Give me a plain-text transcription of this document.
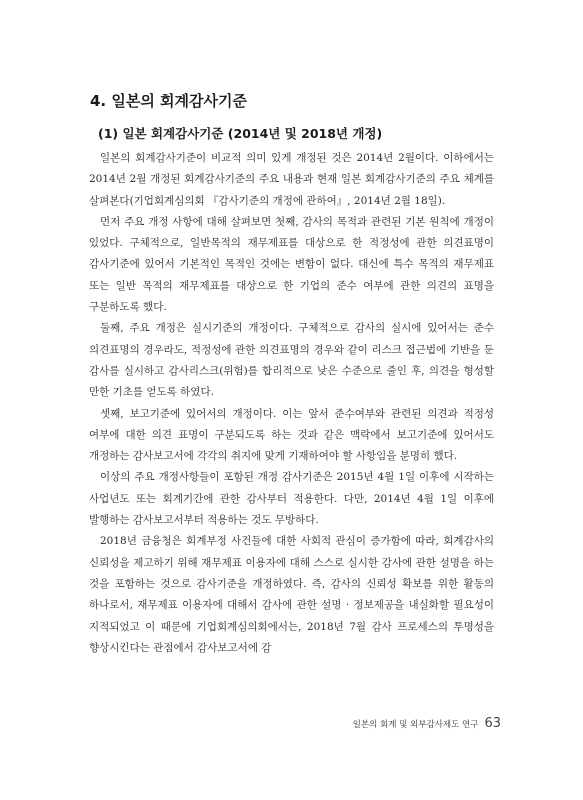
4. 일본의 회계감사기준
(1) 일본 회계감사기준 (2014년 및 2018년 개정)

일본의 회계감사기준이 비교적 의미 있게 개정된 것은 2014년 2월이다. 이하에서는 2014년 2월 개정된 회계감사기준의 주요 내용과 현재 일본 회계감사기준의 주요 체계를 살펴본다(기업회계심의회 『감사기준의 개정에 관하여』, 2014년 2월 18일).

먼저 주요 개정 사항에 대해 살펴보면 첫째, 감사의 목적과 관련된 기본 원칙에 개정이 있었다. 구체적으로, 일반목적의 재무제표를 대상으로 한 적정성에 관한 의견표명이 감사기준에 있어서 기본적인 목적인 것에는 변함이 없다. 대신에 특수 목적의 재무제표 또는 일반 목적의 재무제표를 대상으로 한 기업의 준수 여부에 관한 의견의 표명을 구분하도록 했다.

둘째, 주요 개정은 실시기준의 개정이다. 구체적으로 감사의 실시에 있어서는 준수 의견표명의 경우라도, 적정성에 관한 의견표명의 경우와 같이 리스크 접근법에 기반을 둔 감사를 실시하고 감사리스크(위험)를 합리적으로 낮은 수준으로 줄인 후, 의견을 형성할 만한 기초를 얻도록 하였다.

셋째, 보고기준에 있어서의 개정이다. 이는 앞서 준수여부와 관련된 의견과 적정성 여부에 대한 의견 표명이 구분되도록 하는 것과 같은 맥락에서 보고기준에 있어서도 개정하는 감사보고서에 각각의 취지에 맞게 기재하여야 할 사항임을 분명히 했다.

이상의 주요 개정사항들이 포함된 개정 감사기준은 2015년 4월 1일 이후에 시작하는 사업년도 또는 회계기간에 관한 감사부터 적용한다. 다만, 2014년 4월 1일 이후에 발행하는 감사보고서부터 적용하는 것도 무방하다.

2018년 금융청은 회계부정 사건들에 대한 사회적 관심이 증가함에 따라, 회계감사의 신뢰성을 제고하기 위해 재무제표 이용자에 대해 스스로 실시한 감사에 관한 설명을 하는 것을 포함하는 것으로 감사기준을 개정하였다. 즉, 감사의 신뢰성 확보를 위한 활동의 하나로서, 재무제표 이용자에 대해서 감사에 관한 설명 · 정보제공을 내실화할 필요성이 지적되었고 이 때문에 기업회계심의회에서는, 2018년 7월 감사 프로세스의 투명성을 향상시킨다는 관점에서 감사보고서에 감

일본의 회계 및 외부감사제도 연구 63
